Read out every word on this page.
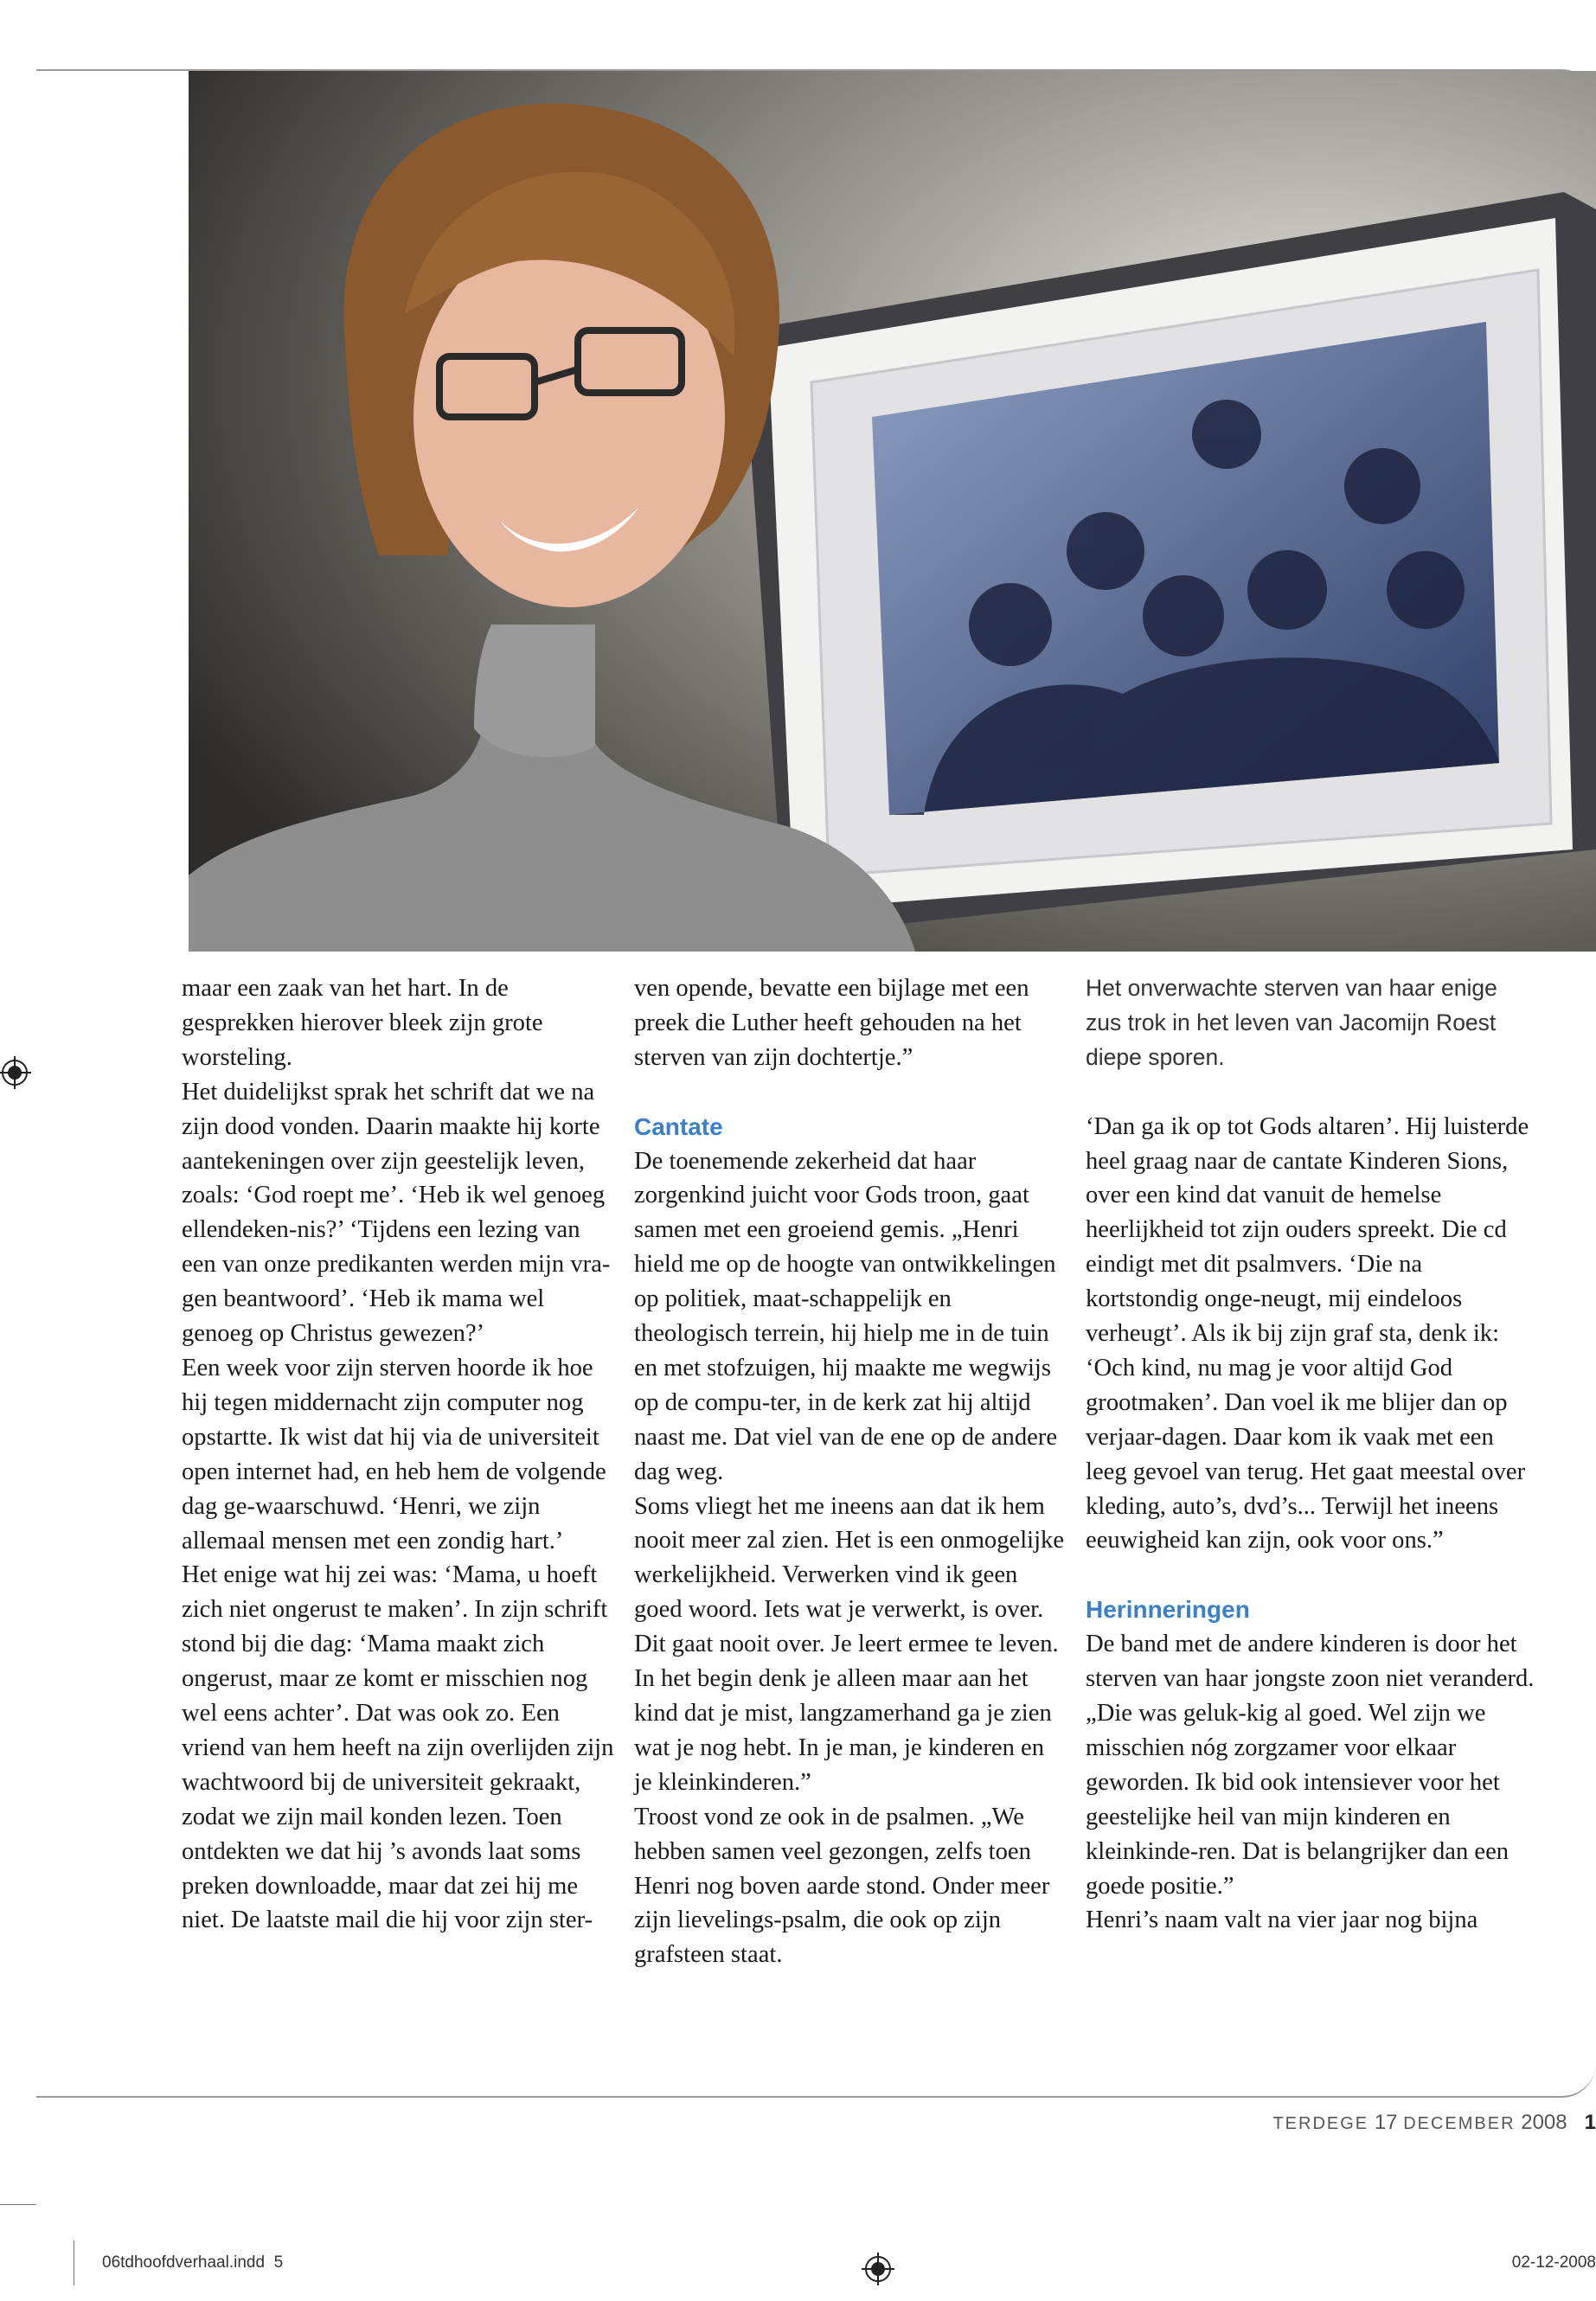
maar een zaak van het hart. In de gesprekken hierover bleek zijn grote worsteling.

Het duidelijkst sprak het schrift dat we na zijn dood vonden. Daarin maakte hij korte aantekeningen over zijn geestelijk leven, zoals: ‘God roept me’. ‘Heb ik wel genoeg ellendeken-nis?’ ‘Tijdens een lezing van een van onze predikanten werden mijn vra-gen beantwoord’. ‘Heb ik mama wel genoeg op Christus gewezen?’

Een week voor zijn sterven hoorde ik hoe hij tegen middernacht zijn computer nog opstartte. Ik wist dat hij via de universiteit open internet had, en heb hem de volgende dag ge-waarschuwd. ‘Henri, we zijn allemaal mensen met een zondig hart.’

Het enige wat hij zei was: ‘Mama, u hoeft zich niet ongerust te maken’. In zijn schrift stond bij die dag: ‘Mama maakt zich ongerust, maar ze komt er misschien nog wel eens achter’. Dat was ook zo. Een vriend van hem heeft na zijn overlijden zijn wachtwoord bij de universiteit gekraakt, zodat we zijn mail konden lezen. Toen ontdekten we dat hij ’s avonds laat soms preken downloadde, maar dat zei hij me niet. De laatste mail die hij voor zijn ster-

ven opende, bevatte een bijlage met een preek die Luther heeft gehouden na het sterven van zijn dochtertje.”

Cantate

De toenemende zekerheid dat haar zorgenkind juicht voor Gods troon, gaat samen met een groeiend gemis. „Henri hield me op de hoogte van ontwikkelingen op politiek, maat-schappelijk en theologisch terrein, hij hielp me in de tuin en met stofzuigen, hij maakte me wegwijs op de compu-ter, in de kerk zat hij altijd naast me. Dat viel van de ene op de andere dag weg.

Soms vliegt het me ineens aan dat ik hem nooit meer zal zien. Het is een onmogelijke werkelijkheid. Verwerken vind ik geen goed woord. Iets wat je verwerkt, is over. Dit gaat nooit over. Je leert ermee te leven. In het begin denk je alleen maar aan het kind dat je mist, langzamerhand ga je zien wat je nog hebt. In je man, je kinderen en je kleinkinderen.”

Troost vond ze ook in de psalmen. „We hebben samen veel gezongen, zelfs toen Henri nog boven aarde stond. Onder meer zijn lievelings-psalm, die ook op zijn grafsteen staat.

Het onverwachte sterven van haar enige zus trok in het leven van Jacomijn Roest diepe sporen.

‘Dan ga ik op tot Gods altaren’. Hij luisterde heel graag naar de cantate Kinderen Sions, over een kind dat vanuit de hemelse heerlijkheid tot zijn ouders spreekt. Die cd eindigt met dit psalmvers. ‘Die na kortstondig onge-neugt, mij eindeloos verheugt’. Als ik bij zijn graf sta, denk ik: ‘Och kind, nu mag je voor altijd God grootmaken’. Dan voel ik me blijer dan op verjaar-dagen. Daar kom ik vaak met een leeg gevoel van terug. Het gaat meestal over kleding, auto’s, dvd’s... Terwijl het ineens eeuwigheid kan zijn, ook voor ons.”

Herinneringen

De band met de andere kinderen is door het sterven van haar jongste zoon niet veranderd. „Die was geluk-kig al goed. Wel zijn we misschien nóg zorgzamer voor elkaar geworden. Ik bid ook intensiever voor het geestelijke heil van mijn kinderen en kleinkinde-ren. Dat is belangrijker dan een goede positie.”

Henri’s naam valt na vier jaar nog bijna

TERDEGE 17 DECEMBER 2008 1
06tdhoofdverhaal.indd 5	02-12-2008
